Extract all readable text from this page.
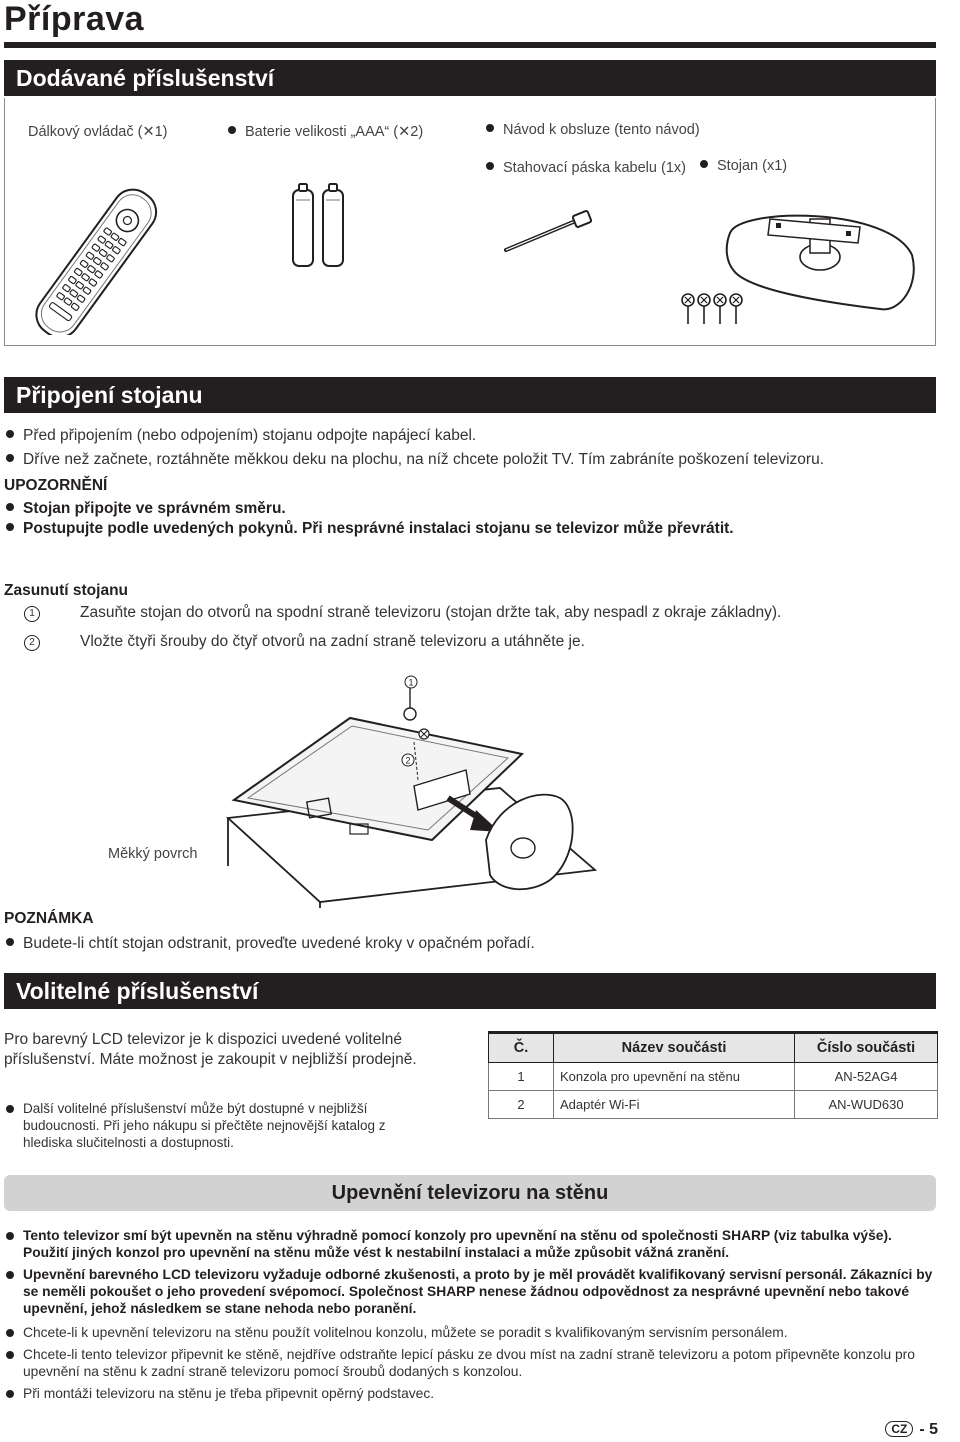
Příprava
Dodávané příslušenství
Dálkový ovládač (✕1)	Baterie velikosti „AAA“ (✕2)	Návod k obsluze (tento návod)
Stahovací páska kabelu (1x)	Stojan (x1)
Připojení stojanu
Před připojením (nebo odpojením) stojanu odpojte napájecí kabel.
Dříve než začnete, roztáhněte měkkou deku na plochu, na níž chcete položit TV. Tím zabráníte poškození televizoru.
UPOZORNĚNÍ
Stojan připojte ve správném směru.
Postupujte podle uvedených pokynů. Při nesprávné instalaci stojanu se televizor může převrátit.
Zasunutí stojanu
1	Zasuňte stojan do otvorů na spodní straně televizoru (stojan držte tak, aby nespadl z okraje základny).
2	Vložte čtyři šrouby do čtyř otvorů na zadní straně televizoru a utáhněte je.
1
2
Měkký povrch
POZNÁMKA
Budete-li chtít stojan odstranit, proveďte uvedené kroky v opačném pořadí.
Volitelné příslušenství
Pro barevný LCD televizor je k dispozici uvedené volitelné příslušenství. Máte možnost je zakoupit v nejbližší prodejně.
Další volitelné příslušenství může být dostupné v nejbližší budoucnosti. Při jeho nákupu si přečtěte nejnovější katalog z hlediska slučitelnosti a dostupnosti.
Č.	Název součásti	Číslo součásti
1	Konzola pro upevnění na stěnu	AN-52AG4
2	Adaptér Wi-Fi	AN-WUD630
Upevnění televizoru na stěnu
Tento televizor smí být upevněn na stěnu výhradně pomocí konzoly pro upevnění na stěnu od společnosti SHARP (viz tabulka výše). Použití jiných konzol pro upevnění na stěnu může vést k nestabilní instalaci a může způsobit vážná zranění.
Upevnění barevného LCD televizoru vyžaduje odborné zkušenosti, a proto by je měl provádět kvalifikovaný servisní personál. Zákazníci by se neměli pokoušet o jeho provedení svépomocí. Společnost SHARP nenese žádnou odpovědnost za nesprávné upevnění nebo takové upevnění, jehož následkem se stane nehoda nebo poranění.
Chcete-li k upevnění televizoru na stěnu použít volitelnou konzolu, můžete se poradit s kvalifikovaným servisním personálem.
Chcete-li tento televizor připevnit ke stěně, nejdříve odstraňte lepicí pásku ze dvou míst na zadní straně televizoru a potom připevněte konzolu pro upevnění na stěnu k zadní straně televizoru pomocí šroubů dodaných s konzolou.
Při montáži televizoru na stěnu je třeba připevnit opěrný podstavec.
CZ - 5
